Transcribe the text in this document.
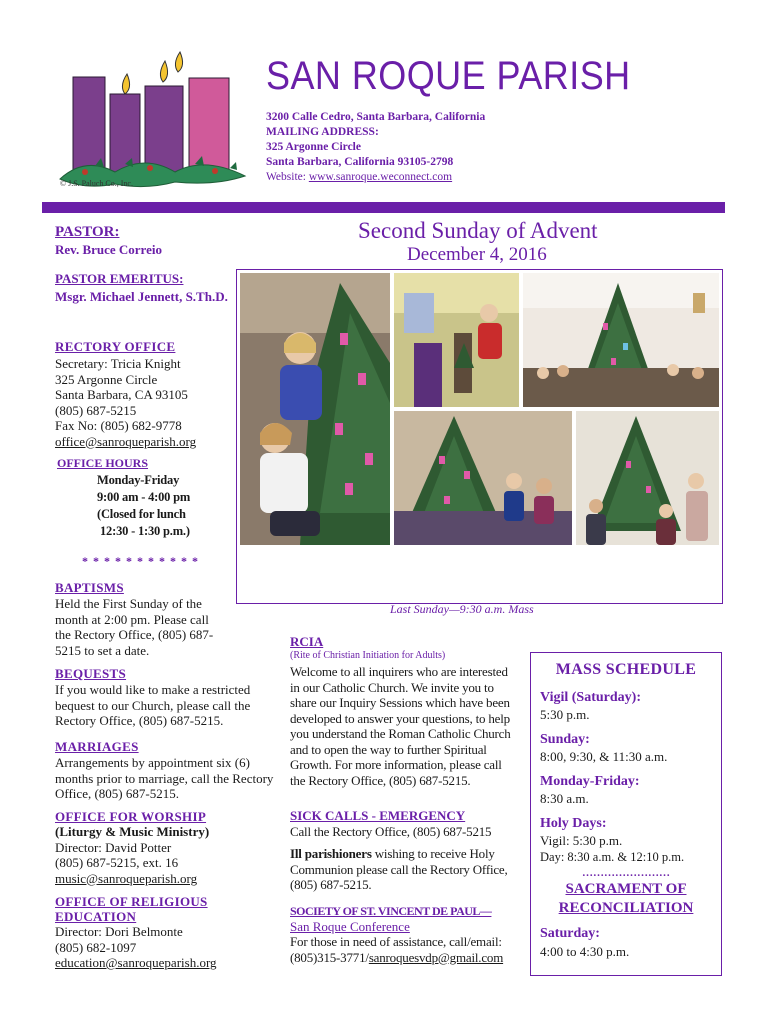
© J.S. Paluch Co., Inc.
SAN ROQUE PARISH
3200 Calle Cedro, Santa Barbara, California
MAILING ADDRESS:
325 Argonne Circle
Santa Barbara, California 93105-2798
Website: www.sanroque.weconnect.com
PASTOR:
Rev. Bruce Correio
PASTOR EMERITUS:
Msgr. Michael Jennett, S.Th.D.
RECTORY OFFICE
Secretary: Tricia Knight
325 Argonne Circle
Santa Barbara, CA 93105
(805) 687-5215
Fax No: (805) 682-9778
office@sanroqueparish.org
OFFICE HOURS
Monday-Friday
9:00 am - 4:00 pm
(Closed for lunch
12:30 - 1:30 p.m.)
* * * * * * * * * * *
BAPTISMS
Held the First Sunday of the month at 2:00 pm. Please call the Rectory Office, (805) 687-5215 to set a date.
BEQUESTS
If you would like to make a restricted bequest to our Church, please call the Rectory Office, (805) 687-5215.
MARRIAGES
Arrangements by appointment six (6) months prior to marriage, call the Rectory Office, (805) 687-5215.
OFFICE FOR WORSHIP
(Liturgy & Music Ministry)
Director: David Potter
(805) 687-5215, ext. 16
music@sanroqueparish.org
OFFICE OF RELIGIOUS EDUCATION
Director: Dori Belmonte
(805) 682-1097
education@sanroqueparish.org
Second Sunday of Advent
December 4, 2016
Last Sunday—9:30 a.m. Mass
RCIA
(Rite of Christian Initiation for Adults)
Welcome to all inquirers who are interested in our Catholic Church. We invite you to share our Inquiry Sessions which have been developed to answer your questions, to help you understand the Roman Catholic Church and to open the way to further Spiritual Growth. For more information, please call the Rectory Office, (805) 687-5215.
SICK CALLS - EMERGENCY
Call the Rectory Office, (805) 687-5215
Ill parishioners wishing to receive Holy Communion please call the Rectory Office, (805) 687-5215.
SOCIETY OF ST. VINCENT DE PAUL—
San Roque Conference
For those in need of assistance, call/email:
(805)315-3771/sanroquesvdp@gmail.com
MASS SCHEDULE
Vigil (Saturday):
5:30 p.m.
Sunday:
8:00, 9:30, & 11:30 a.m.
Monday-Friday:
8:30 a.m.
Holy Days:
Vigil: 5:30 p.m.
Day: 8:30 a.m. & 12:10 p.m.
……………………
SACRAMENT OF
RECONCILIATION
Saturday:
4:00 to 4:30 p.m.
